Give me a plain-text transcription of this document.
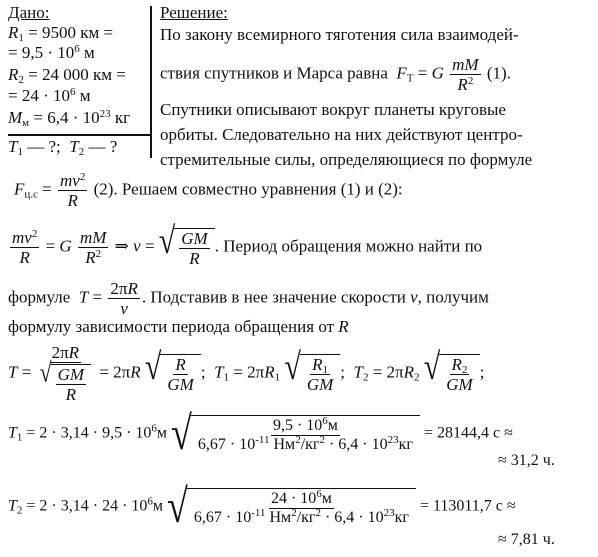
Дано:
$R_1 = 9500$ км =
= $9,5 \cdot 10^6$ м
$R_2 = 24$ 000 км =
= $24 \cdot 10^6$ м
$M_м = 6,4 \cdot 10^{23}$ кг
$T_1$ — ?; $T_2$ — ?
Решение:
По закону всемирного тяготения сила взаимодей-
ствия спутников и Марса равна $F_T = G \frac{mM}{R^2} (1)$.
Спутники описывают вокруг планеты круговые
орбиты. Следовательно на них действуют центро-
стремительные силы, определяющиеся по формуле
$F_{ц.с} = \frac{mv^2}{R} (2)$. Решаем совместно уравнения (1) и (2):
$\frac{mv^2}{R} = G \frac{mM}{R^2}$ ⇒ v = √ $\frac{GM}{R}$ . Период обращения можно найти по
формуле $T = \frac{2\pi R}{v}$ . Подставив в нее значение скорости v, получим
формулу зависимости периода обращения от R
$T = \frac{2\pi R}{√ \frac{GM}{R}} = 2\pi R$ √ $\frac{R}{GM}$ ;  $T_1 = 2\pi R_1$ √ $\frac{R_1}{GM}$ ;  $T_2 = 2\pi R_2$ √ $\frac{R_2}{GM}$ ;
$T_1 = 2 \cdot 3,14 \cdot 9,5 \cdot 10^6м$ √ $\frac{9,5 \cdot 10^6м}{6,67 \cdot 10^{-11} Нм^2/кг^2 \cdot 6,4 \cdot 10^{23}кг} = 28144,4$ с ≈
≈ 31,2 ч.
$T_2 = 2 \cdot 3,14 \cdot 24 \cdot 10^6м$ √ $\frac{24 \cdot 10^6м}{6,67 \cdot 10^{-11} Нм^2/кг^2 \cdot 6,4 \cdot 10^{23}кг} = 113011,7$ с ≈
≈ 7,81 ч.
